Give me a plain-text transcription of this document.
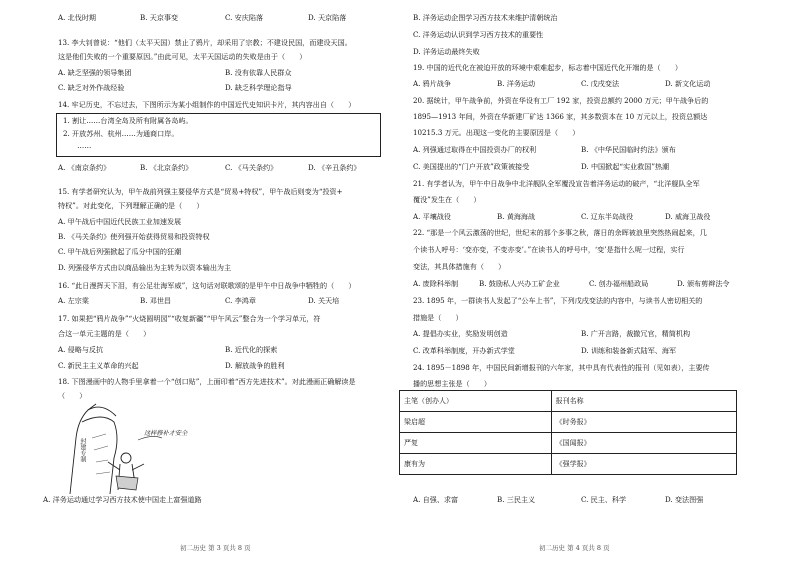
A. 北伐时期	B. 天京事变	C. 安庆陷落	D. 天京陷落
13. 李大钊曾说：“他们（太平天国）禁止了鸦片，却采用了宗教；不建设民国，而建设天国。
这是他们失败的一个重要原因。”由此可见，太平天国运动的失败是由于（　　）
A. 缺乏坚强的领导集团	B. 没有依靠人民群众
C. 缺乏对外作战经验	D. 缺乏科学理论指导
14. 牢记历史，不忘过去，下图所示为某小组制作的中国近代史知识卡片，其内容出自（　　）
1. 割让……台湾全岛及所有附属各岛屿。
2. 开放苏州、杭州……为通商口岸。
　　……
A. 《南京条约》	B. 《北京条约》	C. 《马关条约》	D. 《辛丑条约》
15. 有学者研究认为，甲午战前列强主要侵华方式是“贸易+特权”，甲午战后则变为“投资+
特权”。对此变化，下列理解正确的是（　　）
A. 甲午战后中国近代民族工业加速发展
B. 《马关条约》使列强开始获得贸易和投资特权
C. 甲午战后列强掀起了瓜分中国的狂潮
D. 列强侵华方式由以商品输出为主转为以资本输出为主
16. “此日漫挥天下泪，有公足壮海军威”，这句话对联歌颂的是甲午中日战争中牺牲的（　　）
A. 左宗棠	B. 邓世昌	C. 李鸿章	D. 关天培
17. 如果把“鸦片战争”“火烧圆明园”“收复新疆”“甲午风云”整合为一个学习单元，符
合这一单元主题的是（　　）
A. 侵略与反抗	B. 近代化的探索
C. 新民主主义革命的兴起	D. 解放战争的胜利
18. 下图漫画中的人物手里拿着一个“创口贴”，上面印着“西方先进技术”。对此漫画正确解读是
（　　）
封建专制
这样修补才安全
A. 洋务运动通过学习西方技术使中国走上富强道路
初二历史 第 3 页共 8 页
B. 洋务运动企图学习西方技术来维护清朝统治
C. 洋务运动认识到学习西方技术的重要性
D. 洋务运动最终失败
19. 中国的近代化在被迫开放的环境中艰难起步，标志着中国近代化开端的是（　　）
A. 鸦片战争	B. 洋务运动	C. 戊戌变法	D. 新文化运动
20. 据统计，甲午战争前，外资在华设有工厂 192 家，投资总额约 2000 万元；甲午战争后的
1895—1913 年间，外资在华新建厂矿达 1366 家，其多数资本在 10 万元以上，投资总额达
10215.3 万元。出现这一变化的主要原因是（　　）
A. 列强通过取得在中国投资办厂的权利	B. 《中华民国临时约法》颁布
C. 美国提出的“门户开放”政策被接受	D. 中国掀起“实业救国”热潮
21. 有学者认为，甲午中日战争中北洋舰队全军覆没宣告着洋务运动的破产，“北洋舰队全军
覆没”发生在（　　）
A. 平壤战役	B. 黄海海战	C. 辽东半岛战役	D. 威海卫战役
22. “那是一个风云激荡的世纪，世纪末的那个多事之秋，落日的余晖被浪里突然热闹起来，几
个读书人呼号：‘变亦变，不变亦变’。”在读书人的呼号中，‘变’是指什么呢一过程，实行
变法，其具体措施有（　　）
A. 废除科举制	B. 鼓励私人兴办工矿企业	C. 创办福州船政局	D. 颁布剪辫法令
23. 1895 年，一群读书人发起了“公车上书”，下列戊戌变法的内容中，与读书人密切相关的
措施是（　　）
A. 提倡办实业，奖励发明创造	B. 广开言路，裁撤冗官，精简机构
C. 改革科举制度，开办新式学堂	D. 训练和装备新式陆军、海军
24. 1895－1898 年，中国民间新增报刊的六年家，其中具有代表性的报刊（见如表），主要传
播的思想主张是（　　）
主笔（创办人）	报刊名称
梁启超	《时务报》
严复	《国闻报》
康有为	《强学报》
A. 自强、求富	B. 三民主义	C. 民主、科学	D. 变法图强
初二历史 第 4 页共 8 页
